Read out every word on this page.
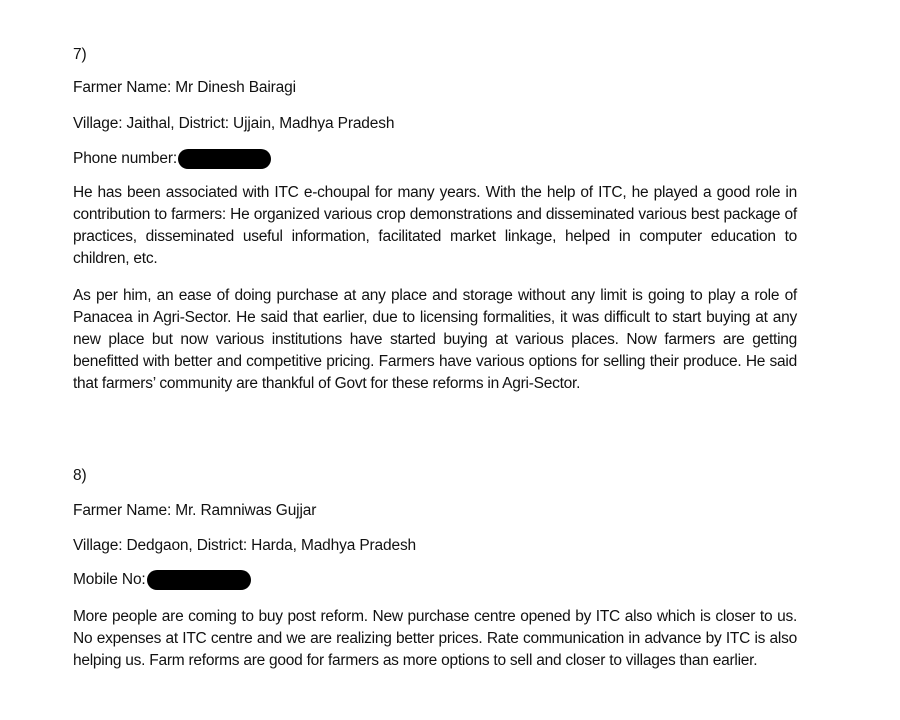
7)
Farmer Name: Mr Dinesh Bairagi
Village: Jaithal, District: Ujjain, Madhya Pradesh
Phone number:
He has been associated with ITC e-choupal for many years. With the help of ITC, he played a good role in contribution to farmers: He organized various crop demonstrations and disseminated various best package of practices, disseminated useful information, facilitated market linkage, helped in computer education to children, etc.
As per him, an ease of doing purchase at any place and storage without any limit is going to play a role of Panacea in Agri-Sector. He said that earlier, due to licensing formalities, it was difficult to start buying at any new place but now various institutions have started buying at various places. Now farmers are getting benefitted with better and competitive pricing. Farmers have various options for selling their produce. He said that farmers’ community are thankful of Govt for these reforms in Agri-Sector.
8)
Farmer Name: Mr. Ramniwas Gujjar
Village: Dedgaon, District: Harda, Madhya Pradesh
Mobile No:
More people are coming to buy post reform. New purchase centre opened by ITC also which is closer to us. No expenses at ITC centre and we are realizing better prices. Rate communication in advance by ITC is also helping us. Farm reforms are good for farmers as more options to sell and closer to villages than earlier.
